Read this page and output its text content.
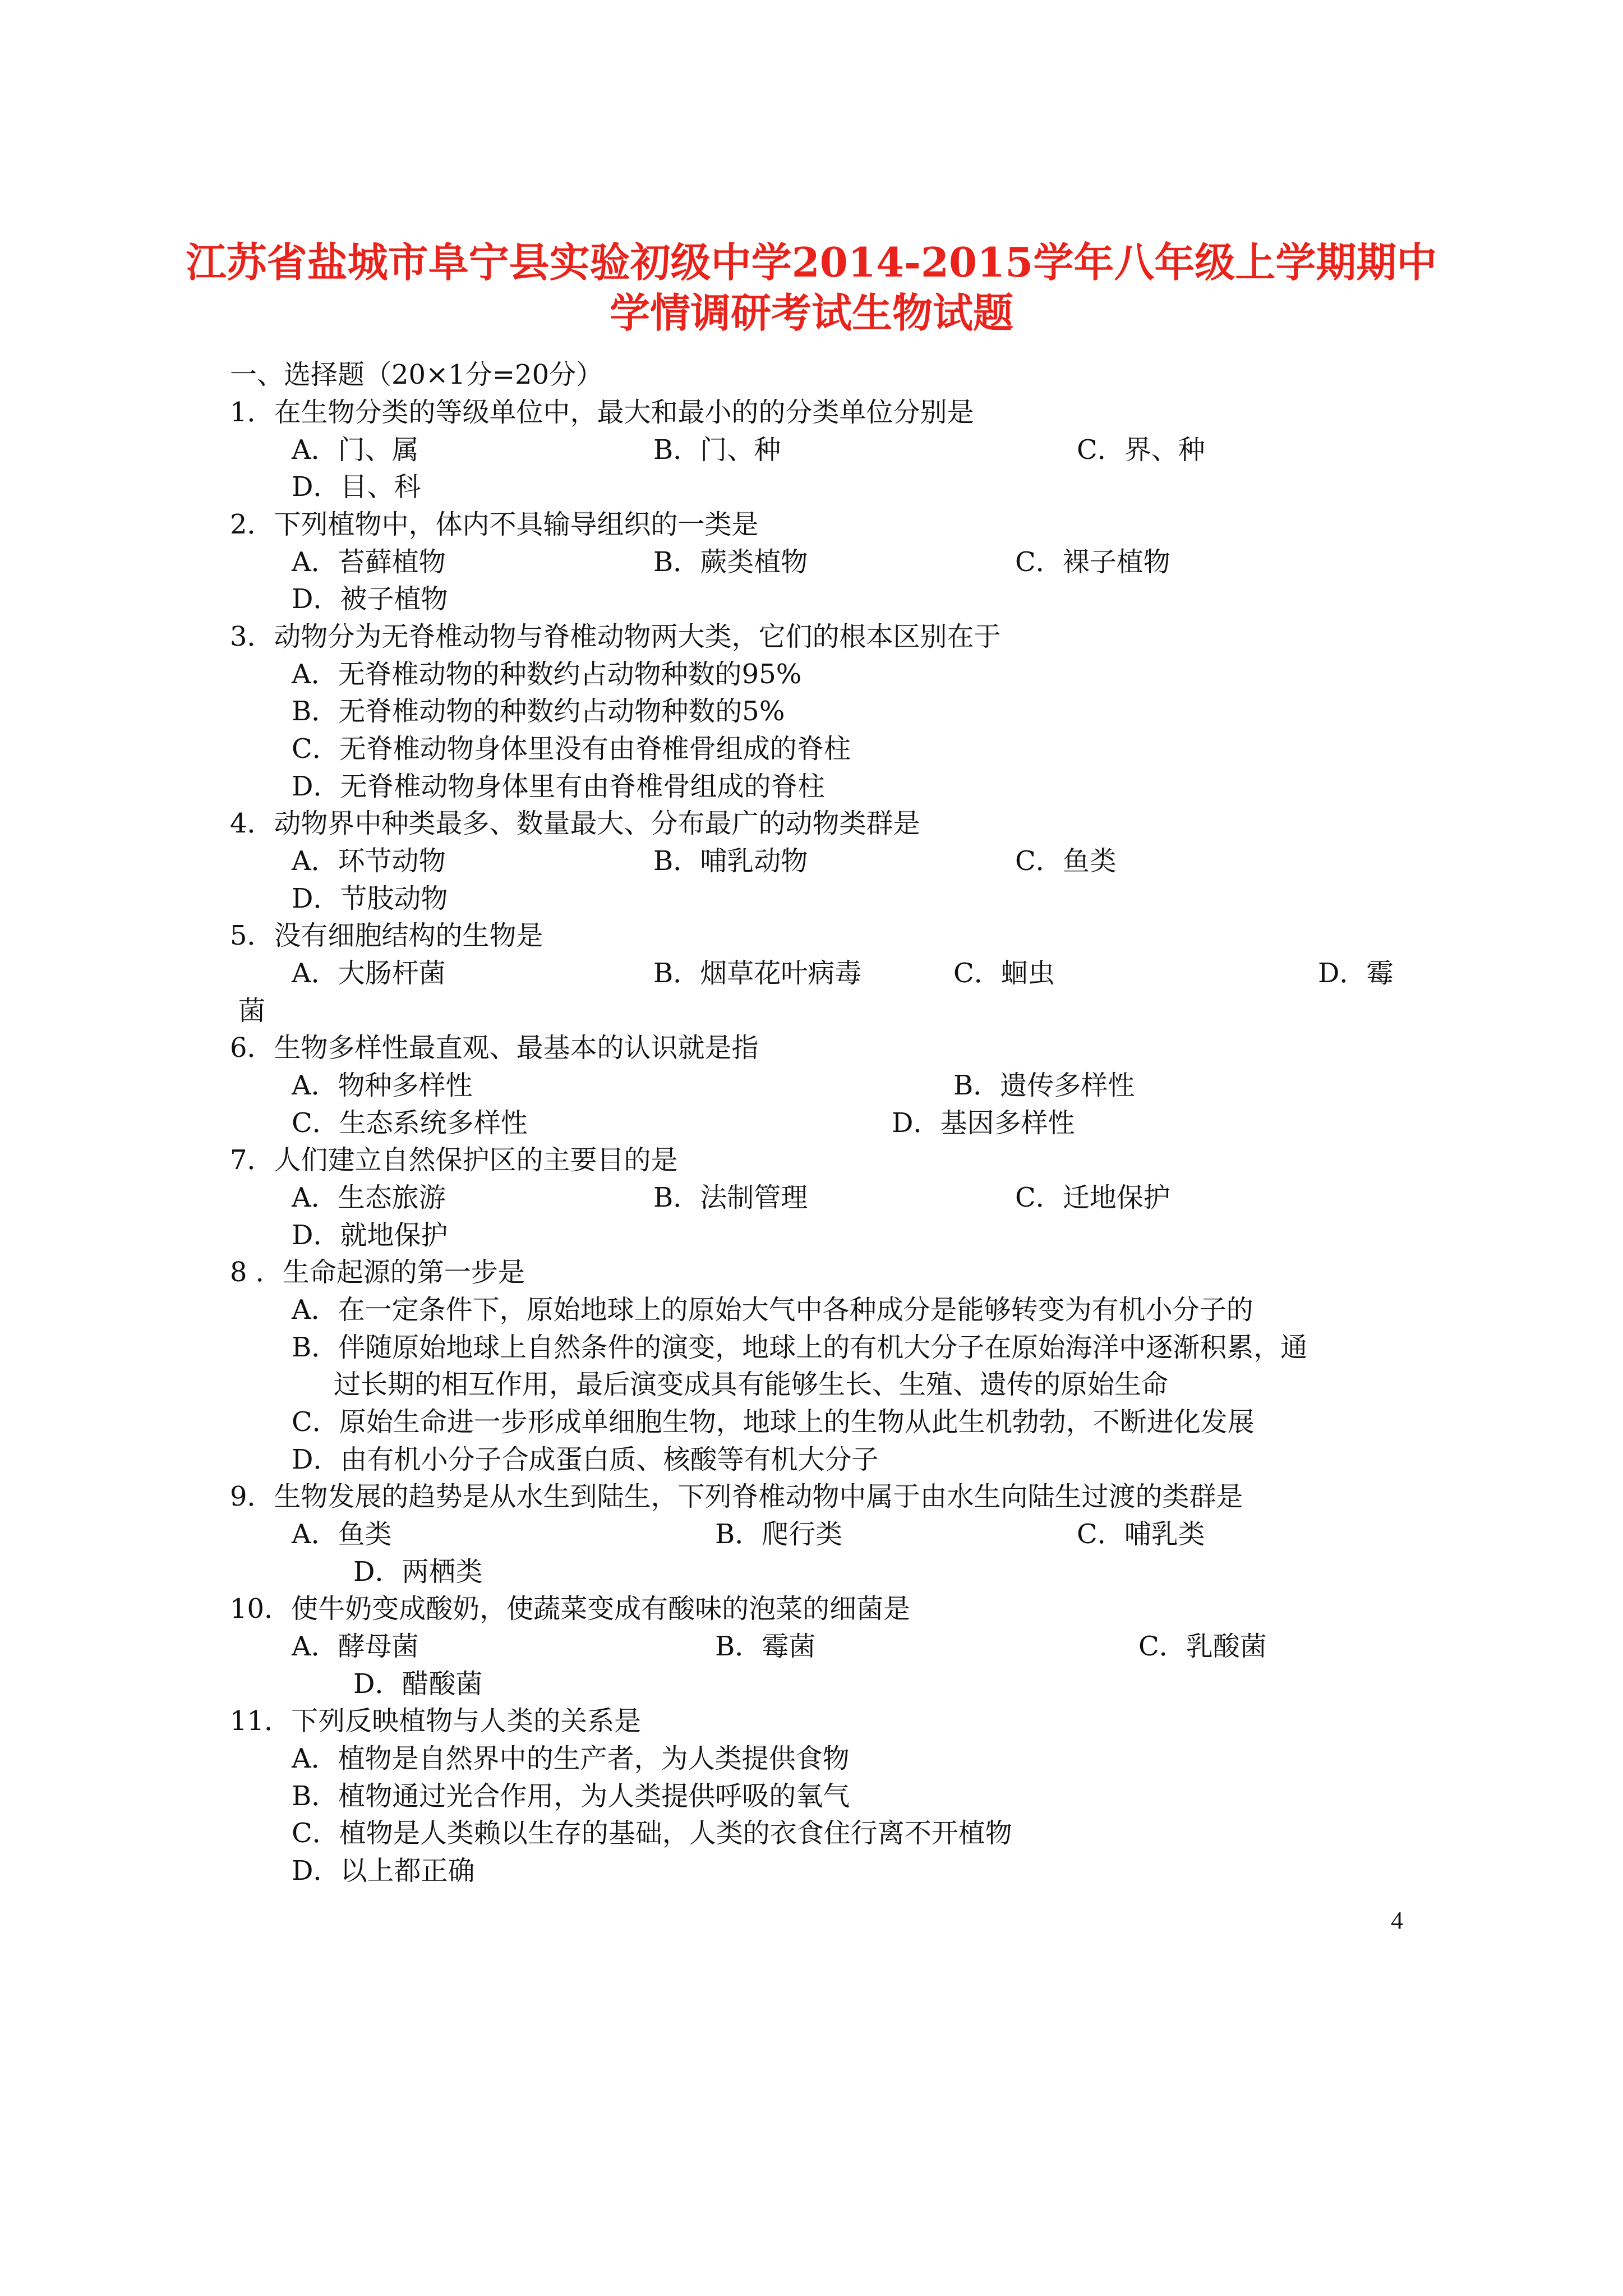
江苏省盐城市阜宁县实验初级中学2014-2015学年八年级上学期期中
学情调研考试生物试题
一、选择题（20×1分=20分）
1．在生物分类的等级单位中，最大和最小的的分类单位分别是
A．门、属	B．门、种	C．界、种
D．目、科
2．下列植物中，体内不具输导组织的一类是
A．苔藓植物	B．蕨类植物	C．裸子植物
D．被子植物
3．动物分为无脊椎动物与脊椎动物两大类，它们的根本区别在于
A．无脊椎动物的种数约占动物种数的95%
B．无脊椎动物的种数约占动物种数的5%
C．无脊椎动物身体里没有由脊椎骨组成的脊柱
D．无脊椎动物身体里有由脊椎骨组成的脊柱
4．动物界中种类最多、数量最大、分布最广的动物类群是
A．环节动物	B．哺乳动物	C．鱼类
D．节肢动物
5．没有细胞结构的生物是
A．大肠杆菌	B．烟草花叶病毒	C．蛔虫	D．霉
菌
6．生物多样性最直观、最基本的认识就是指
A．物种多样性	B．遗传多样性
C．生态系统多样性	D．基因多样性
7．人们建立自然保护区的主要目的是
A．生态旅游	B．法制管理	C．迁地保护
D．就地保护
8 ．生命起源的第一步是
A．在一定条件下，原始地球上的原始大气中各种成分是能够转变为有机小分子的
B．伴随原始地球上自然条件的演变，地球上的有机大分子在原始海洋中逐渐积累，通
过长期的相互作用，最后演变成具有能够生长、生殖、遗传的原始生命
C．原始生命进一步形成单细胞生物，地球上的生物从此生机勃勃，不断进化发展
D．由有机小分子合成蛋白质、核酸等有机大分子
9．生物发展的趋势是从水生到陆生，下列脊椎动物中属于由水生向陆生过渡的类群是
A．鱼类	B．爬行类	C．哺乳类
D．两栖类
10．使牛奶变成酸奶，使蔬菜变成有酸味的泡菜的细菌是
A．酵母菌	B．霉菌	C．乳酸菌
D．醋酸菌
11．下列反映植物与人类的关系是
A．植物是自然界中的生产者，为人类提供食物
B．植物通过光合作用，为人类提供呼吸的氧气
C．植物是人类赖以生存的基础，人类的衣食住行离不开植物
D．以上都正确
4
